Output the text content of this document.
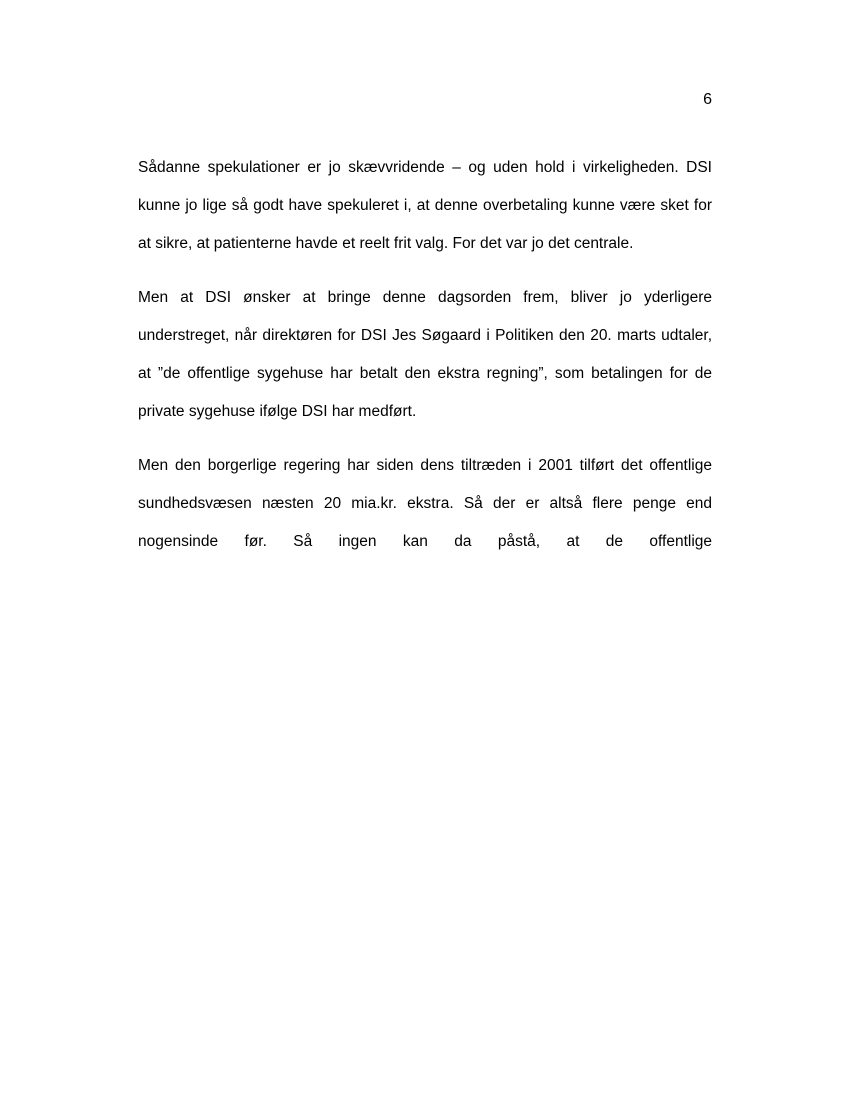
6

Sådanne spekulationer er jo skævvridende – og uden hold i virkeligheden. DSI kunne jo lige så godt have spekuleret i, at denne overbetaling kunne være sket for at sikre, at patienterne havde et reelt frit valg. For det var jo det centrale.

Men at DSI ønsker at bringe denne dagsorden frem, bliver jo yderligere understreget, når direktøren for DSI Jes Søgaard i Politiken den 20. marts udtaler, at ”de offentlige sygehuse har betalt den ekstra regning”, som betalingen for de private sygehuse ifølge DSI har medført.

Men den borgerlige regering har siden dens tiltræden i 2001 tilført det offentlige sundhedsvæsen næsten 20 mia.kr. ekstra. Så der er altså flere penge end nogensinde før. Så ingen kan da påstå, at de offentlige
